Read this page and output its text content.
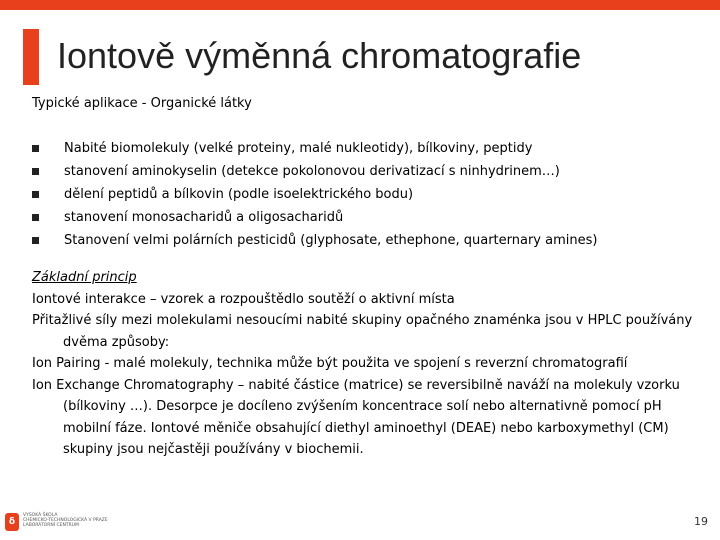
Iontově výměnná chromatografie
Typické aplikace - Organické látky
Nabité biomolekuly (velké proteiny, malé nukleotidy), bílkoviny, peptidy
stanovení aminokyselin (detekce pokolonovou derivatizací s ninhydrinem…)
dělení peptidů a bílkovin (podle isoelektrického bodu)
stanovení monosacharidů a oligosacharidů
Stanovení velmi polárních pesticidů (glyphosate, ethephone, quarternary amines)

Základní princip

Iontové interakce – vzorek a rozpouštědlo soutěží o aktivní místa

Přitažlivé síly mezi molekulami nesoucími nabité skupiny opačného znaménka jsou v HPLC používány dvěma způsoby:

Ion Pairing - malé molekuly, technika může být použita ve spojení s reverzní chromatografií

Ion Exchange Chromatography – nabité částice (matrice) se reversibilně naváží na molekuly vzorku (bílkoviny …). Desorpce je docíleno zvýšením koncentrace solí nebo alternativně pomocí pH mobilní fáze. Iontové měniče obsahující diethyl aminoethyl (DEAE) nebo karboxymethyl (CM) skupiny jsou nejčastěji používány v biochemii.

δ
VYSOKÁ ŠKOLA
CHEMICKO-TECHNOLOGICKÁ V PRAZE
LABORATORNÍ CENTRUM	19
